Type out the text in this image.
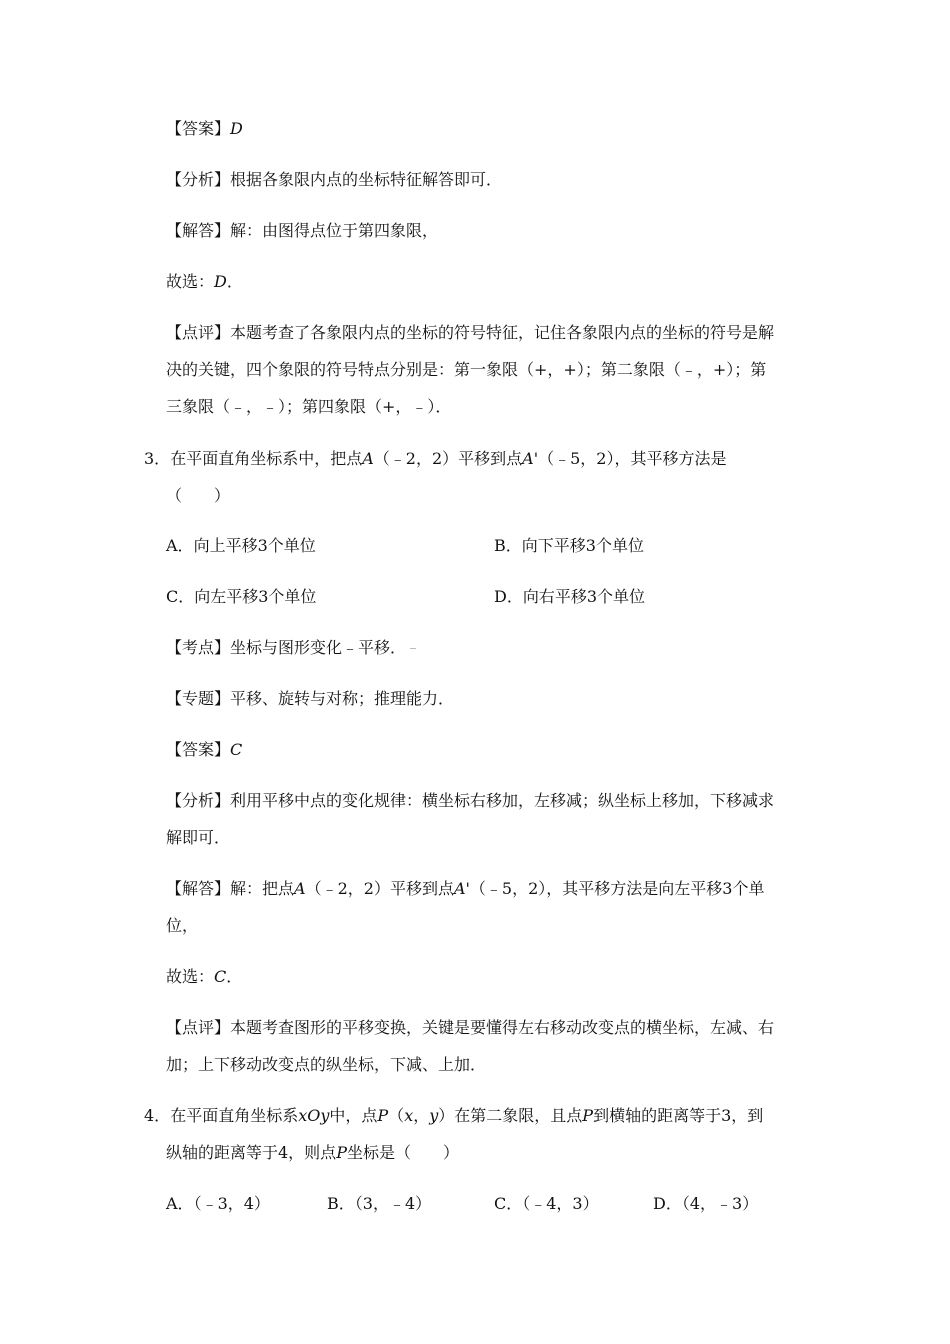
【答案】D
【分析】根据各象限内点的坐标特征解答即可．
【解答】解：由图得点位于第四象限，
故选：D．
【点评】本题考查了各象限内点的坐标的符号特征，记住各象限内点的坐标的符号是解
决的关键，四个象限的符号特点分别是：第一象限（+，+）；第二象限（﹣，+）；第
三象限（﹣，﹣）；第四象限（+，﹣）．
3．在平面直角坐标系中，把点A（﹣2，2）平移到点A'（﹣5，2），其平移方法是
（　　）
A．向上平移3个单位	B．向下平移3个单位
C．向左平移3个单位	D．向右平移3个单位
【考点】坐标与图形变化﹣平移．
【专题】平移、旋转与对称；推理能力．
【答案】C
【分析】利用平移中点的变化规律：横坐标右移加，左移减；纵坐标上移加，下移减求
解即可．
【解答】解：把点A（﹣2，2）平移到点A'（﹣5，2），其平移方法是向左平移3个单
位，
故选：C．
【点评】本题考查图形的平移变换，关键是要懂得左右移动改变点的横坐标，左减、右
加；上下移动改变点的纵坐标，下减、上加．
4．在平面直角坐标系xOy中，点P（x，y）在第二象限，且点P到横轴的距离等于3，到
纵轴的距离等于4，则点P坐标是（　　）
A．（﹣3，4）	B．（3，﹣4）	C．（﹣4，3）	D．（4，﹣3）
